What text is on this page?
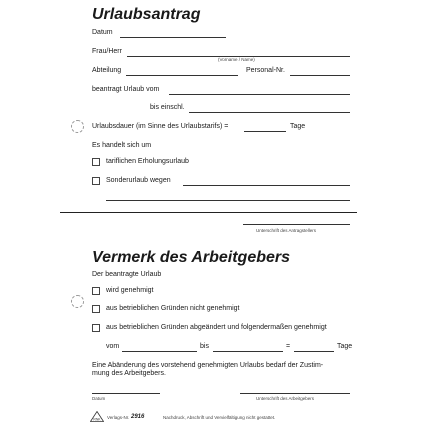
Urlaubsantrag
Datum
Frau/Herr
(Vorname / Name)
Abteilung	Personal-Nr.
beantragt Urlaub vom
bis einschl.
Urlaubsdauer (im Sinne des Urlaubstarifs) =	Tage
Es handelt sich um
tariflichen Erholungsurlaub
Sonderurlaub wegen
Unterschrift des Antragstellers
Vermerk des Arbeitgebers
Der beantragte Urlaub
wird genehmigt
aus betrieblichen Gründen nicht genehmigt
aus betrieblichen Gründen abgeändert und folgendermaßen genehmigt
vom	bis	=	Tage
Eine Abänderung des vorstehend genehmigten Urlaubs bedarf der Zustim-
mung des Arbeitgebers.
Datum	Unterschrift des Arbeitgebers
RNK Verlags-Nr. 2916	Nachdruck, Abschrift und Vervielfältigung nicht gestattet.
